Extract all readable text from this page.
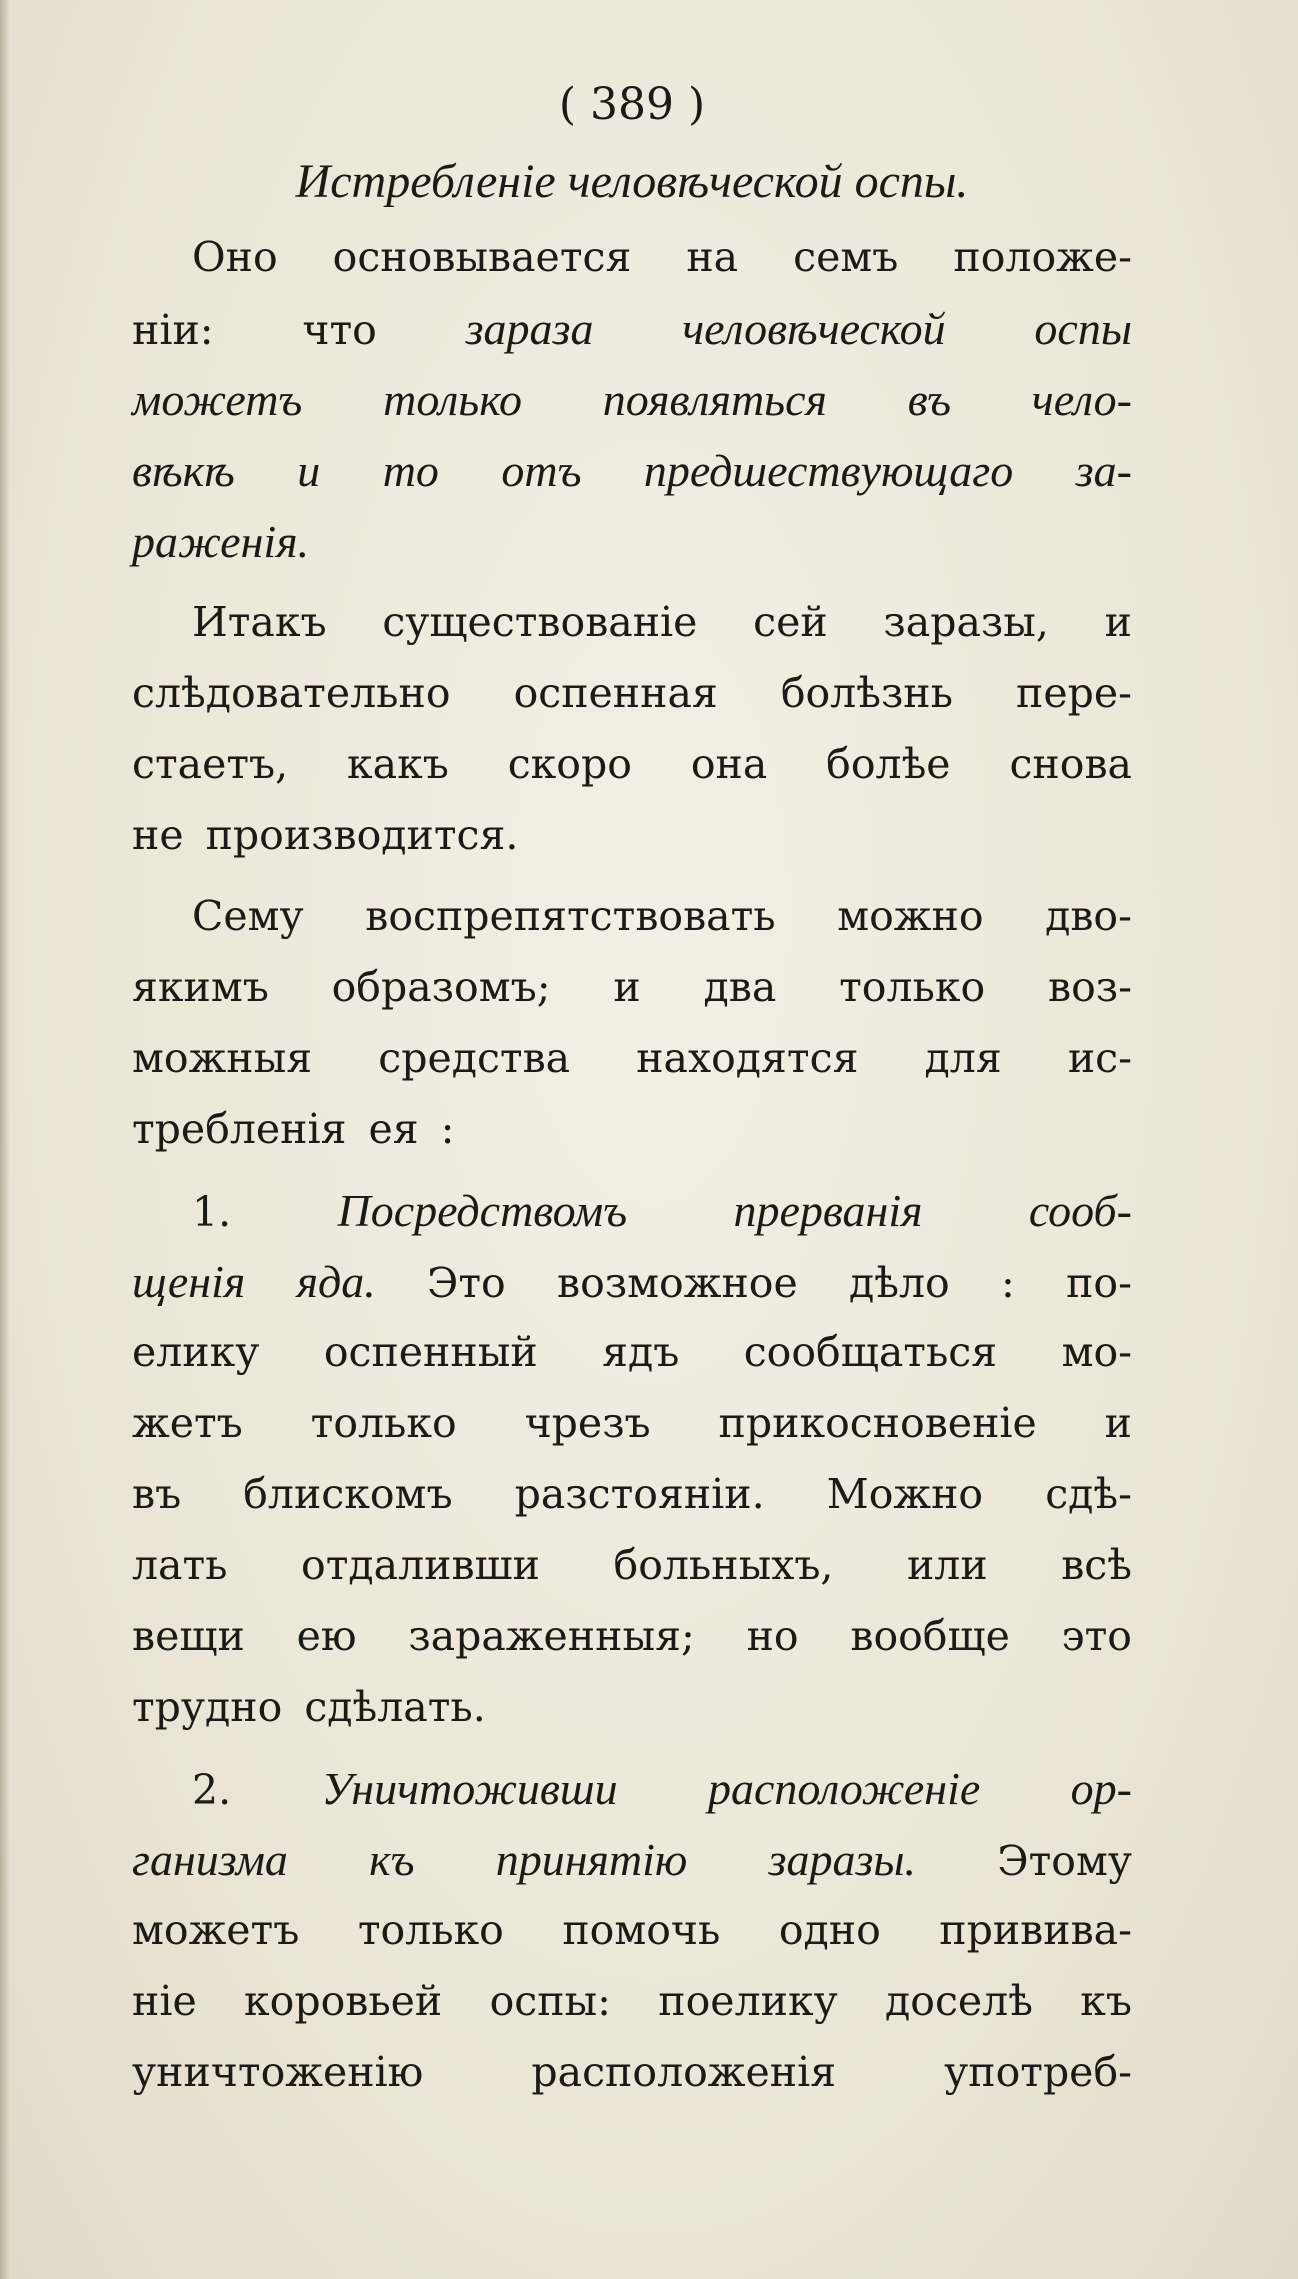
( 389 )

Истребленіе человѣческой оспы.

Оно основывается на семъ положе-
ніи: что зараза человѣческой оспы
можетъ только появляться въ чело-
вѣкѣ и то отъ предшествующаго за-
раженія.
Итакъ существованіе сей заразы, и
слѣдовательно оспенная болѣзнь пере-
стаетъ, какъ скоро она болѣе снова
не производится.
Сему воспрепятствовать можно дво-
якимъ образомъ; и два только воз-
можныя средства находятся для ис-
требленія ея :
1. Посредствомъ прерванія сооб-
щенія яда. Это возможное дѣло : по-
елику оспенный ядъ сообщаться мо-
жетъ только чрезъ прикосновеніе и
въ блискомъ разстояніи. Можно сдѣ-
лать отдаливши больныхъ, или всѣ
вещи ею зараженныя; но вообще это
трудно сдѣлать.
2. Уничтоживши расположеніе ор-
ганизма къ принятію заразы. Этому
можетъ только помочь одно привива-
ніе коровьей оспы: поелику доселѣ къ
уничтоженію	расположенія	употреб-
